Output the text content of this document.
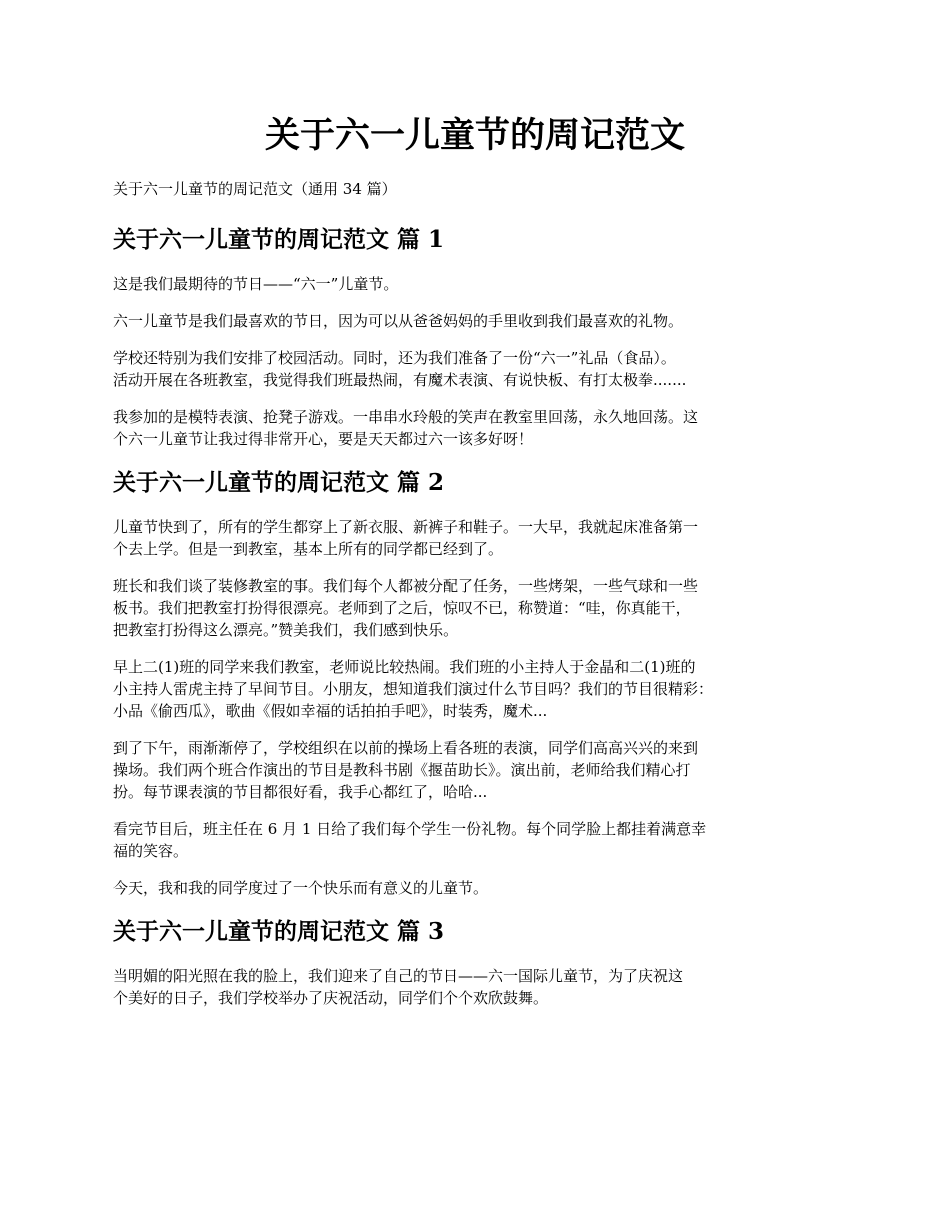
关于六一儿童节的周记范文

关于六一儿童节的周记范文（通用 34 篇）

关于六一儿童节的周记范文 篇 1

这是我们最期待的节日——“六一”儿童节。

六一儿童节是我们最喜欢的节日，因为可以从爸爸妈妈的手里收到我们最喜欢的礼物。

学校还特别为我们安排了校园活动。同时，还为我们准备了一份“六一”礼品（食品）。
活动开展在各班教室，我觉得我们班最热闹，有魔术表演、有说快板、有打太极拳.......

我参加的是模特表演、抢凳子游戏。一串串水玲般的笑声在教室里回荡，永久地回荡。这
个六一儿童节让我过得非常开心，要是天天都过六一该多好呀！

关于六一儿童节的周记范文 篇 2

儿童节快到了，所有的学生都穿上了新衣服、新裤子和鞋子。一大早，我就起床准备第一
个去上学。但是一到教室，基本上所有的同学都已经到了。

班长和我们谈了装修教室的事。我们每个人都被分配了任务，一些烤架，一些气球和一些
板书。我们把教室打扮得很漂亮。老师到了之后，惊叹不已，称赞道：“哇，你真能干，
把教室打扮得这么漂亮。”赞美我们，我们感到快乐。

早上二(1)班的同学来我们教室，老师说比较热闹。我们班的小主持人于金晶和二(1)班的
小主持人雷虎主持了早间节目。小朋友，想知道我们演过什么节目吗？我们的节目很精彩：
小品《偷西瓜》，歌曲《假如幸福的话拍拍手吧》，时装秀，魔术...

到了下午，雨渐渐停了，学校组织在以前的操场上看各班的表演，同学们高高兴兴的来到
操场。我们两个班合作演出的节目是教科书剧《揠苗助长》。演出前，老师给我们精心打
扮。每节课表演的节目都很好看，我手心都红了，哈哈...

看完节目后，班主任在 6 月 1 日给了我们每个学生一份礼物。每个同学脸上都挂着满意幸
福的笑容。

今天，我和我的同学度过了一个快乐而有意义的儿童节。

关于六一儿童节的周记范文 篇 3

当明媚的阳光照在我的脸上，我们迎来了自己的节日——六一国际儿童节，为了庆祝这
个美好的日子，我们学校举办了庆祝活动，同学们个个欢欣鼓舞。
